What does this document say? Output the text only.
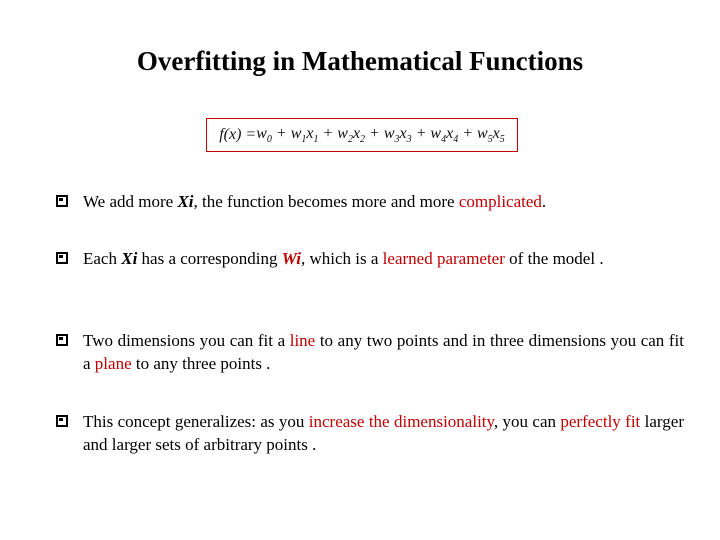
Overfitting in Mathematical Functions
$f(x) = w_0 + w_1x_1 + w_2x_2 + w_3x_3 + w_4x_4 + w_5x_5$
We add more Xi, the function becomes more and more complicated.
Each Xi has a corresponding Wi, which is a learned parameter of the model .
Two dimensions you can fit a line to any two points and in three dimensions you can fit a plane to any three points .
This concept generalizes: as you increase the dimensionality, you can perfectly fit larger and larger sets of arbitrary points .
